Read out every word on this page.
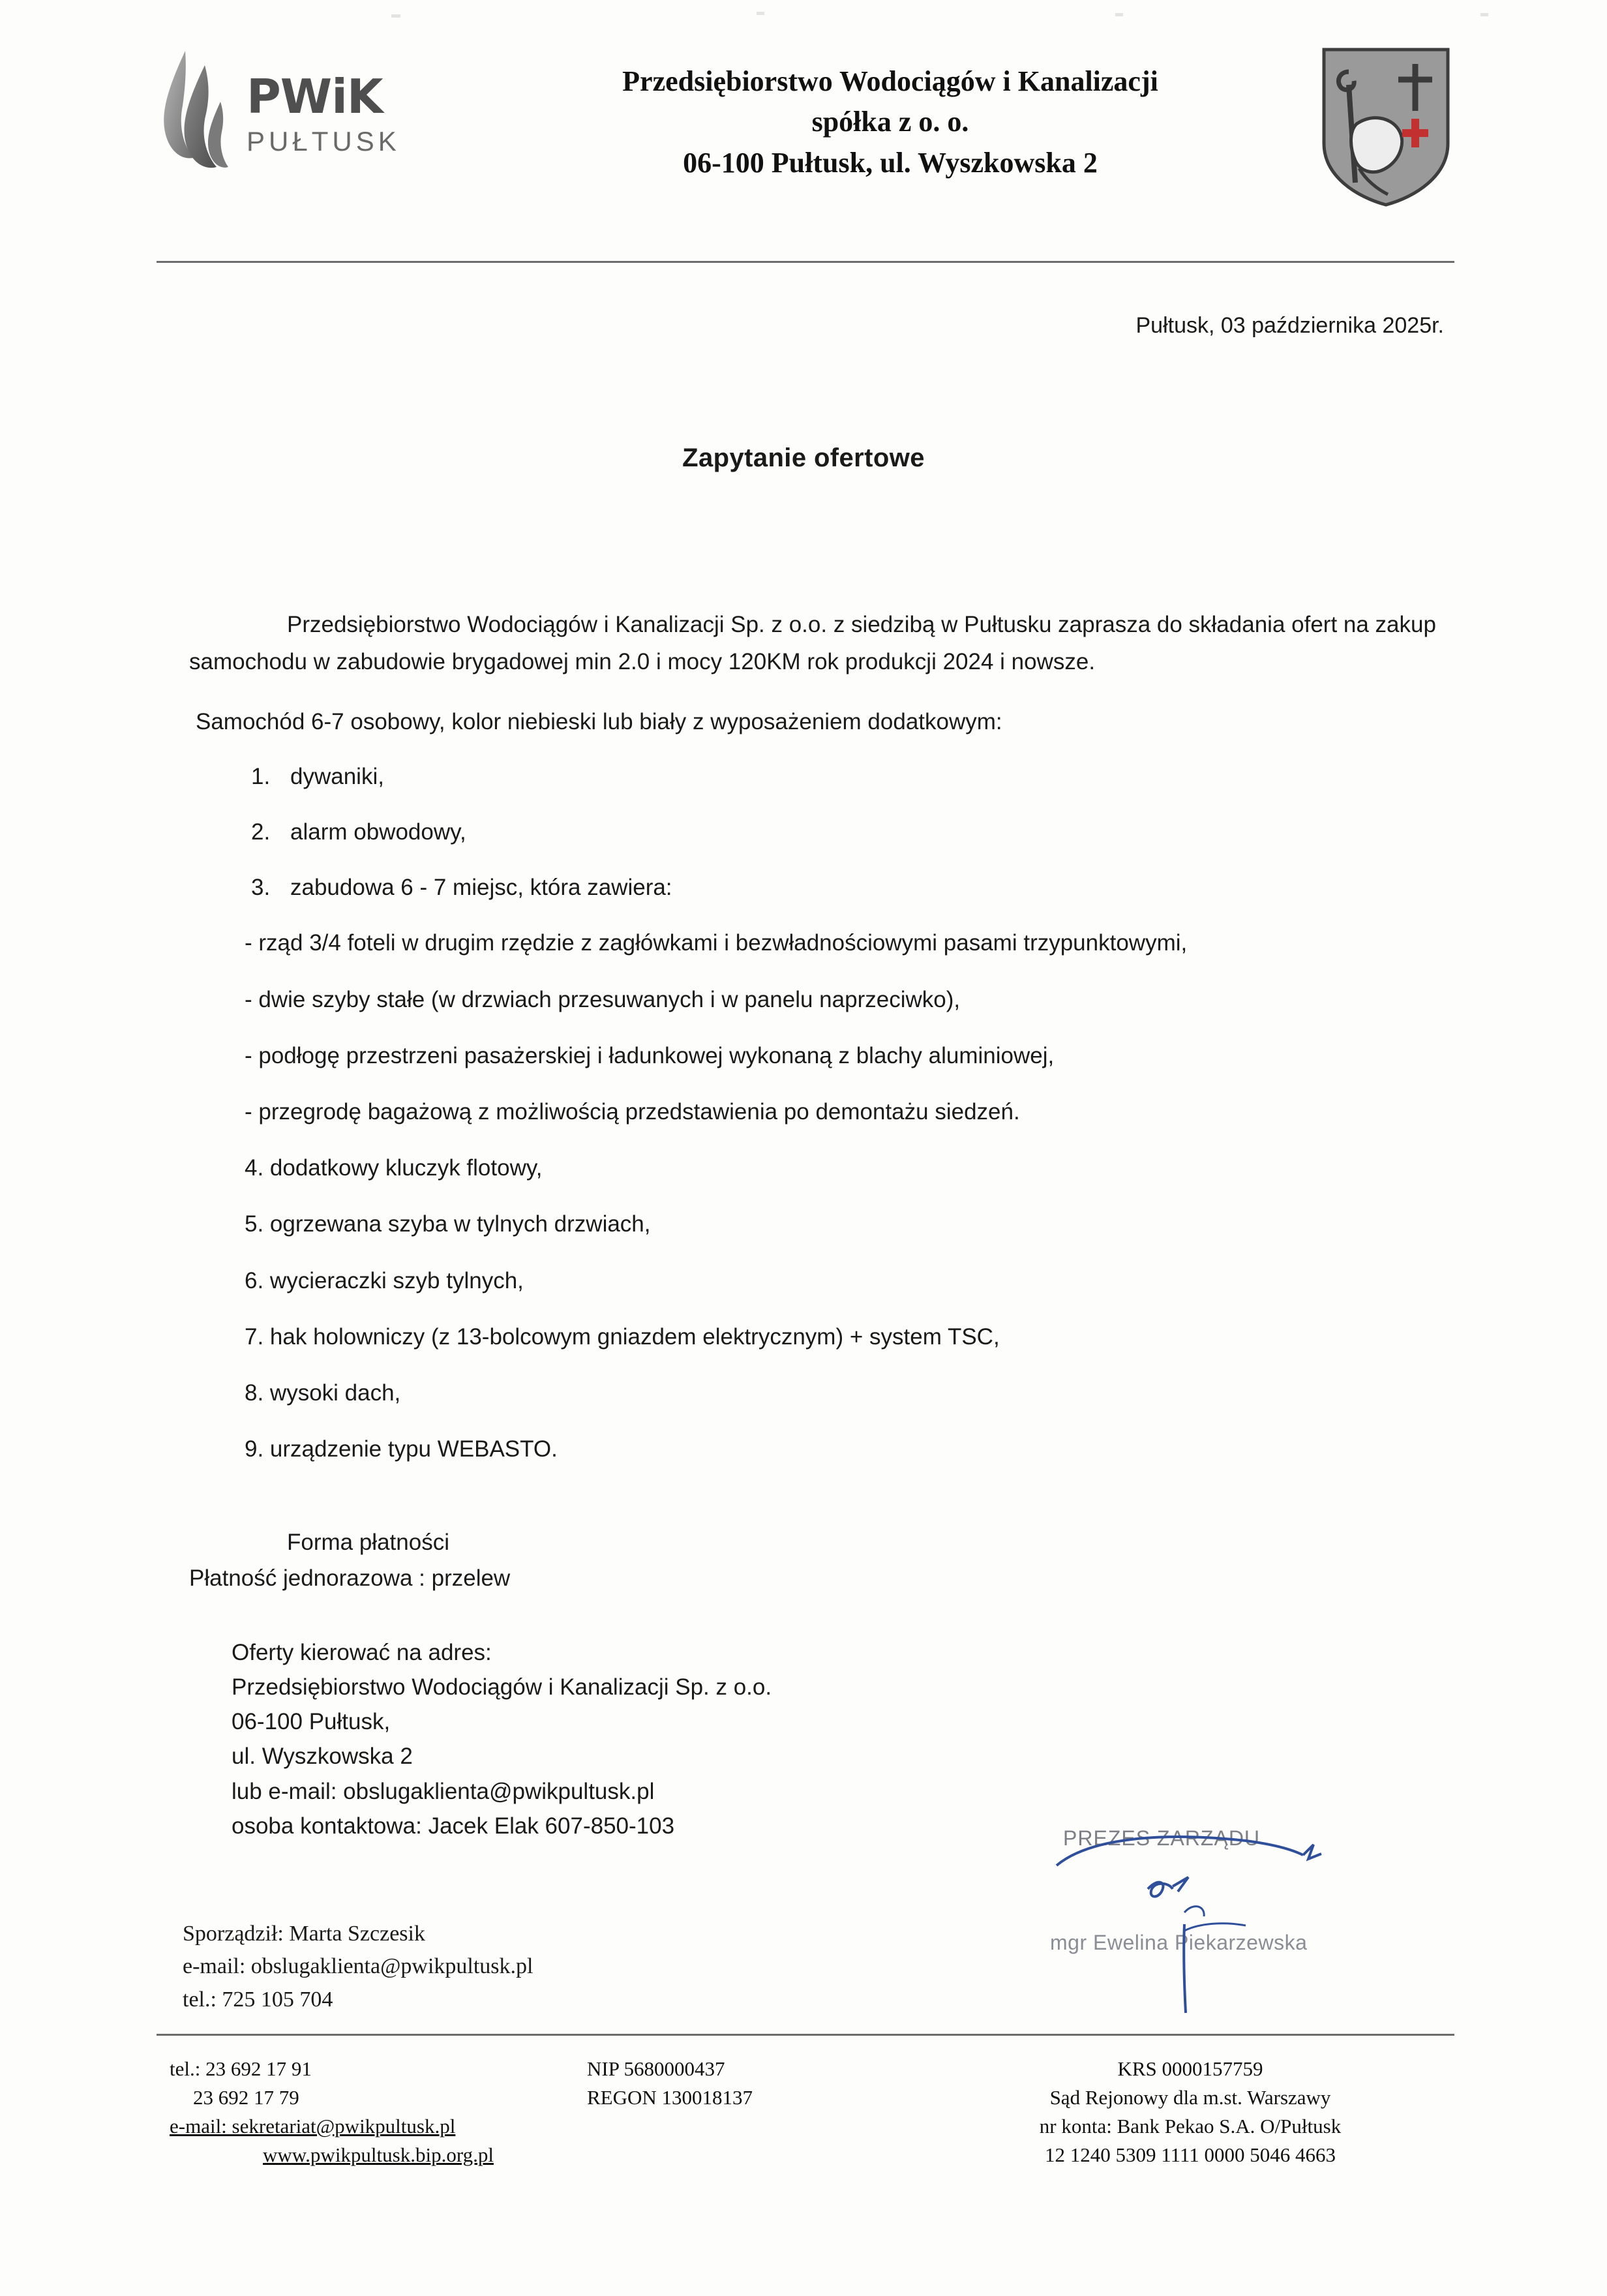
PWiK
PUŁTUSK
Przedsiębiorstwo Wodociągów i Kanalizacji
spółka z o. o.
06-100 Pułtusk, ul. Wyszkowska 2
Pułtusk, 03 października 2025r.
Zapytanie ofertowe
Przedsiębiorstwo Wodociągów i Kanalizacji Sp. z o.o. z siedzibą w Pułtusku zaprasza do składania ofert na zakup samochodu w zabudowie brygadowej min 2.0 i mocy 120KM rok produkcji 2024 i nowsze.
Samochód 6-7 osobowy, kolor niebieski lub biały z wyposażeniem dodatkowym:
1. dywaniki,
2. alarm obwodowy,
3. zabudowa 6 - 7 miejsc, która zawiera:
- rząd 3/4 foteli w drugim rzędzie z zagłówkami i bezwładnościowymi pasami trzypunktowymi,
- dwie szyby stałe (w drzwiach przesuwanych i w panelu naprzeciwko),
- podłogę przestrzeni pasażerskiej i ładunkowej wykonaną z blachy aluminiowej,
- przegrodę bagażową z możliwością przedstawienia po demontażu siedzeń.
4. dodatkowy kluczyk flotowy,
5. ogrzewana szyba w tylnych drzwiach,
6. wycieraczki szyb tylnych,
7. hak holowniczy (z 13-bolcowym gniazdem elektrycznym) + system TSC,
8. wysoki dach,
9. urządzenie typu WEBASTO.
Forma płatności
Płatność jednorazowa : przelew
Oferty kierować na adres:
Przedsiębiorstwo Wodociągów i Kanalizacji Sp. z o.o.
06-100 Pułtusk,
ul. Wyszkowska 2
lub e-mail: obslugaklienta@pwikpultusk.pl
osoba kontaktowa: Jacek Elak 607-850-103
Sporządził: Marta Szczesik
e-mail: obslugaklienta@pwikpultusk.pl
tel.: 725 105 704
PREZES ZARZĄDU
mgr Ewelina Piekarzewska
tel.: 23 692 17 91
23 692 17 79
e-mail: sekretariat@pwikpultusk.pl
www.pwikpultusk.bip.org.pl
NIP 5680000437
REGON 130018137
KRS 0000157759
Sąd Rejonowy dla m.st. Warszawy
nr konta: Bank Pekao S.A. O/Pułtusk
12 1240 5309 1111 0000 5046 4663
